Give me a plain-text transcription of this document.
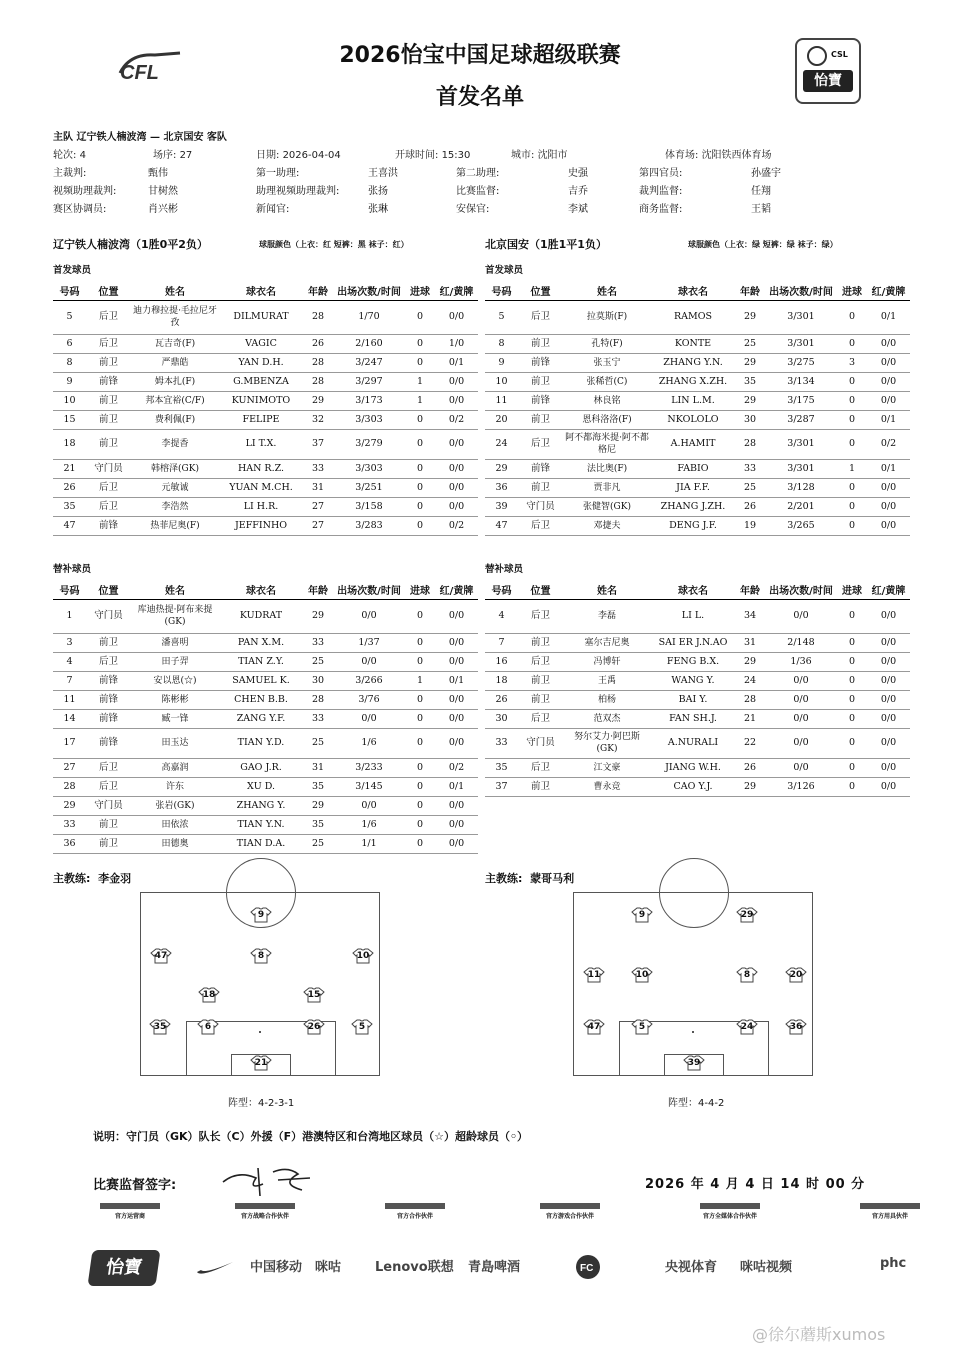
CFL
2026怡宝中国足球超级联赛
首发名单
CSL
怡寶
主队 辽宁铁人楠波湾 — 北京国安 客队
轮次: 4	场序: 27	日期: 2026-04-04	开球时间: 15:30	城市: 沈阳市	体育场: 沈阳铁西体育场
主裁判:	甄伟	第一助理:	王喜洪	第二助理:	史强	第四官员:	孙盛宇
视频助理裁判:	甘树然	助理视频助理裁判:	张扬	比赛监督:	吉乔	裁判监督:	任翔
赛区协调员:	肖兴彬	新闻官:	张琳	安保官:	李斌	商务监督:	王韬
辽宁铁人楠波湾（1胜0平2负）	球服颜色（上衣：红 短裤：黑 袜子：红）	北京国安（1胜1平1负）	球服颜色（上衣：绿 短裤：绿 袜子：绿）
首发球员	首发球员
号码	位置	姓名	球衣名	年龄	出场次数/时间	进球	红/黄牌
5	后卫	迪力穆拉提·毛拉尼牙孜	DILMURAT	28	1/70	0	0/0
6	后卫	瓦吉奇(F)	VAGIC	26	2/160	0	1/0
8	前卫	严鼎皓	YAN D.H.	28	3/247	0	0/1
9	前锋	姆本扎(F)	G.MBENZA	28	3/297	1	0/0
10	前卫	邦本宜裕(C/F)	KUNIMOTO	29	3/173	1	0/0
15	前卫	费利佩(F)	FELIPE	32	3/303	0	0/2
18	前卫	李提香	LI T.X.	37	3/279	0	0/0
21	守门员	韩榕泽(GK)	HAN R.Z.	33	3/303	0	0/0
26	后卫	元敏诚	YUAN M.CH.	31	3/251	0	0/0
35	后卫	李浩然	LI H.R.	27	3/158	0	0/0
47	前锋	热菲尼奥(F)	JEFFINHO	27	3/283	0	0/2
号码	位置	姓名	球衣名	年龄	出场次数/时间	进球	红/黄牌
5	后卫	拉莫斯(F)	RAMOS	29	3/301	0	0/1
8	前卫	孔特(F)	KONTE	25	3/301	0	0/0
9	前锋	张玉宁	ZHANG Y.N.	29	3/275	3	0/0
10	前卫	张稀哲(C)	ZHANG X.ZH.	35	3/134	0	0/0
11	前锋	林良铭	LIN L.M.	29	3/175	0	0/0
20	前卫	恩科洛洛(F)	NKOLOLO	30	3/287	0	0/1
24	后卫	阿不都海米提·阿不都格尼	A.HAMIT	28	3/301	0	0/2
29	前锋	法比奥(F)	FABIO	33	3/301	1	0/1
36	前卫	贾非凡	JIA F.F.	25	3/128	0	0/0
39	守门员	张健智(GK)	ZHANG J.ZH.	26	2/201	0	0/0
47	后卫	邓捷夫	DENG J.F.	19	3/265	0	0/0
替补球员	替补球员
号码	位置	姓名	球衣名	年龄	出场次数/时间	进球	红/黄牌
1	守门员	库迪热提·阿布来提(GK)	KUDRAT	29	0/0	0	0/0
3	前卫	潘喜明	PAN X.M.	33	1/37	0	0/0
4	后卫	田子羿	TIAN Z.Y.	25	0/0	0	0/0
7	前锋	安以恩(☆)	SAMUEL K.	30	3/266	1	0/1
11	前锋	陈彬彬	CHEN B.B.	28	3/76	0	0/0
14	前锋	臧一锋	ZANG Y.F.	33	0/0	0	0/0
17	前锋	田玉达	TIAN Y.D.	25	1/6	0	0/0
27	后卫	高嘉润	GAO J.R.	31	3/233	0	0/2
28	后卫	许东	XU D.	35	3/145	0	0/1
29	守门员	张岩(GK)	ZHANG Y.	29	0/0	0	0/0
33	前卫	田依浓	TIAN Y.N.	35	1/6	0	0/0
36	前卫	田德奥	TIAN D.A.	25	1/1	0	0/0
号码	位置	姓名	球衣名	年龄	出场次数/时间	进球	红/黄牌
4	后卫	李磊	LI L.	34	0/0	0	0/0
7	前卫	塞尔吉尼奥	SAI ER J.N.AO	31	2/148	0	0/0
16	后卫	冯博轩	FENG B.X.	29	1/36	0	0/0
18	前卫	王禹	WANG Y.	24	0/0	0	0/0
26	前卫	柏杨	BAI Y.	28	0/0	0	0/0
30	后卫	范双杰	FAN SH.J.	21	0/0	0	0/0
33	守门员	努尔艾力·阿巴斯(GK)	A.NURALI	22	0/0	0	0/0
35	后卫	江文豪	JIANG W.H.	26	0/0	0	0/0
37	前卫	曹永竞	CAO Y.J.	29	3/126	0	0/0
主教练: 李金羽	主教练: 蒙哥马利
9
47	8	10
18	15
35	6	26	5
21
9	29
11	10	8	20
47	5	24	36
39
阵型：4-2-3-1	阵型：4-4-2
说明：守门员（GK）队长（C）外援（F）港澳特区和台湾地区球员（☆）超龄球员（◦）
比赛监督签字:	2026 年 4 月 4 日 14 时 00 分
官方运营商	官方战略合作伙伴	官方合作伙伴	官方游戏合作伙伴	官方全媒体合作伙伴	官方用具伙伴
怡寶	中国移动 咪咕	Lenovo联想 青島啤酒	央视体育 咪咕视频	phc
FC
@徐尔蘑斯xumos
